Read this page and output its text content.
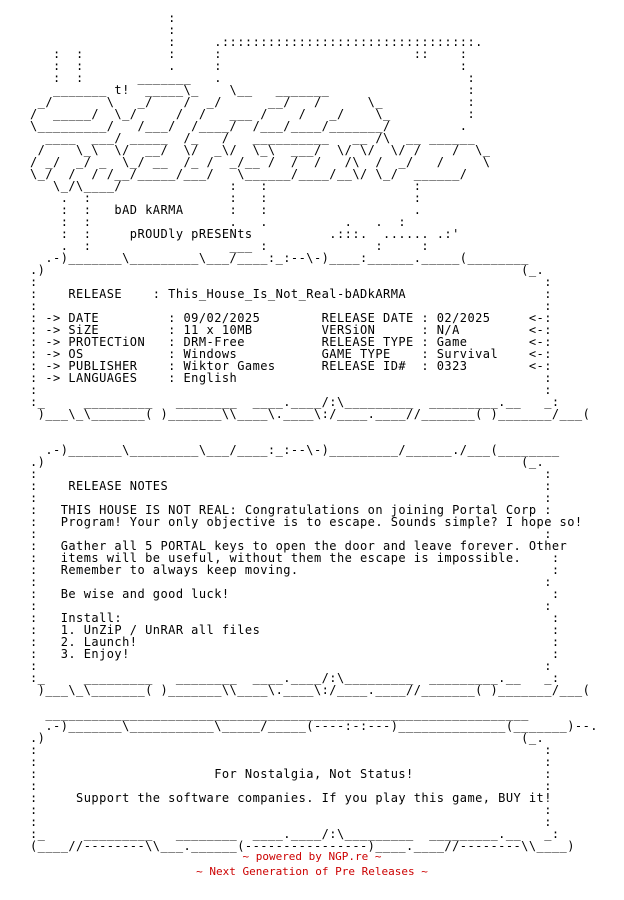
:
:
:     .:::::::::::::::::::::::::::::::::.
:  :           :     :                         ::    :
:  :           .     :                               :
:  :       _______   .                                :
_______ t!  _____\_    \__   _______                  :
_/       \   _/    /  _/      __/   /      \_           :
/  _____/  \_/     /  /   ___ /    /   _/    \_          :
\_________/   /___/  /____/  /___/____/_______/         .
____  ___/ _____  /_   /   __________   __ /\  __ ______
/    \_\  \/  __/  \/  _\/  \_\  ___/  \/ \/  \/ /    /  \_
/ _/  _/ _  \_/ __  /_ /  _/__ /  /  /   /\  /  _/   /     \
\_/  /  / /__/_____/___/   \______/____/__\/ \_/  ______/
\_/\____/              :   :                   :
.  :                  :   :                   :
:  :   bAD kARMA      :   :                   .
:  :                  .   .          .   .  :
:  :     pROUDly pRESENts          .:::.  ...... .:'
.  :                  ___ :              :     :
.-)_______\_________\___/____:_:--\-)____:______._____(________
.)                                                              (_.
:                                                                  :
:    RELEASE    : This_House_Is_Not_Real-bADkARMA                  :
:                                                                  :
: -> DATE         : 09/02/2025        RELEASE DATE : 02/2025     <-:
: -> SiZE         : 11 x 10MB         VERSiON      : N/A         <-:
: -> PROTECTiON   : DRM-Free          RELEASE TYPE : Game        <-:
: -> OS           : Windows           GAME TYPE    : Survival    <-:
: -> PUBLISHER    : Wiktor Games      RELEASE ID#  : 0323        <-:
: -> LANGUAGES    : English                                        :
:                                                                  :
:_     _________   ________  ____.____/:\_________  _________.__   _:
)___\_\_______( )_______\\____\.____\:/____.____//_______( )_______/___(

.-)_______\_________\___/____:_:--\-)_________/______./___(________
.)                                                              (_.
:                                                                  :
:    RELEASE NOTES                                                 :
:                                                                  :
:   THIS HOUSE IS NOT REAL: Congratulations on joining Portal Corp :
:   Program! Your only objective is to escape. Sounds simple? I hope so!
:                                                                  :
:   Gather all 5 PORTAL keys to open the door and leave forever. Other
:   items will be useful, without them the escape is impossible.    :
:   Remember to always keep moving.                                 :
:                                                                  :
:   Be wise and good luck!                                          :
:                                                                  :
:   Install:                                                        :
:   1. UnZiP / UnRAR all files                                      :
:   2. Launch!                                                      :
:   3. Enjoy!                                                       :
:                                                                  :
:_     _________   ________  ____.____/:\_________  _________.__   _:
)___\_\_______( )_______\\____\.____\:/____.____//_______( )_______/___(

_______________________________________________________________
.-)_______\___________\_____/_____(----:-:---)______________(_______)--.
.)                                                              (_.
:                                                                  :
:                                                                  :
:                       For Nostalgia, Not Status!                 :
:                                                                  :
:     Support the software companies. If you play this game, BUY it!
:                                                                  :
:                                                                  :
:_     _________   ________  ____.____/:\_________  _________.__   _:
(____//--------\\___.______(----------------)____.____//--------\\____)

~ powered by NGP.re ~
~ Next Generation of Pre Releases ~
